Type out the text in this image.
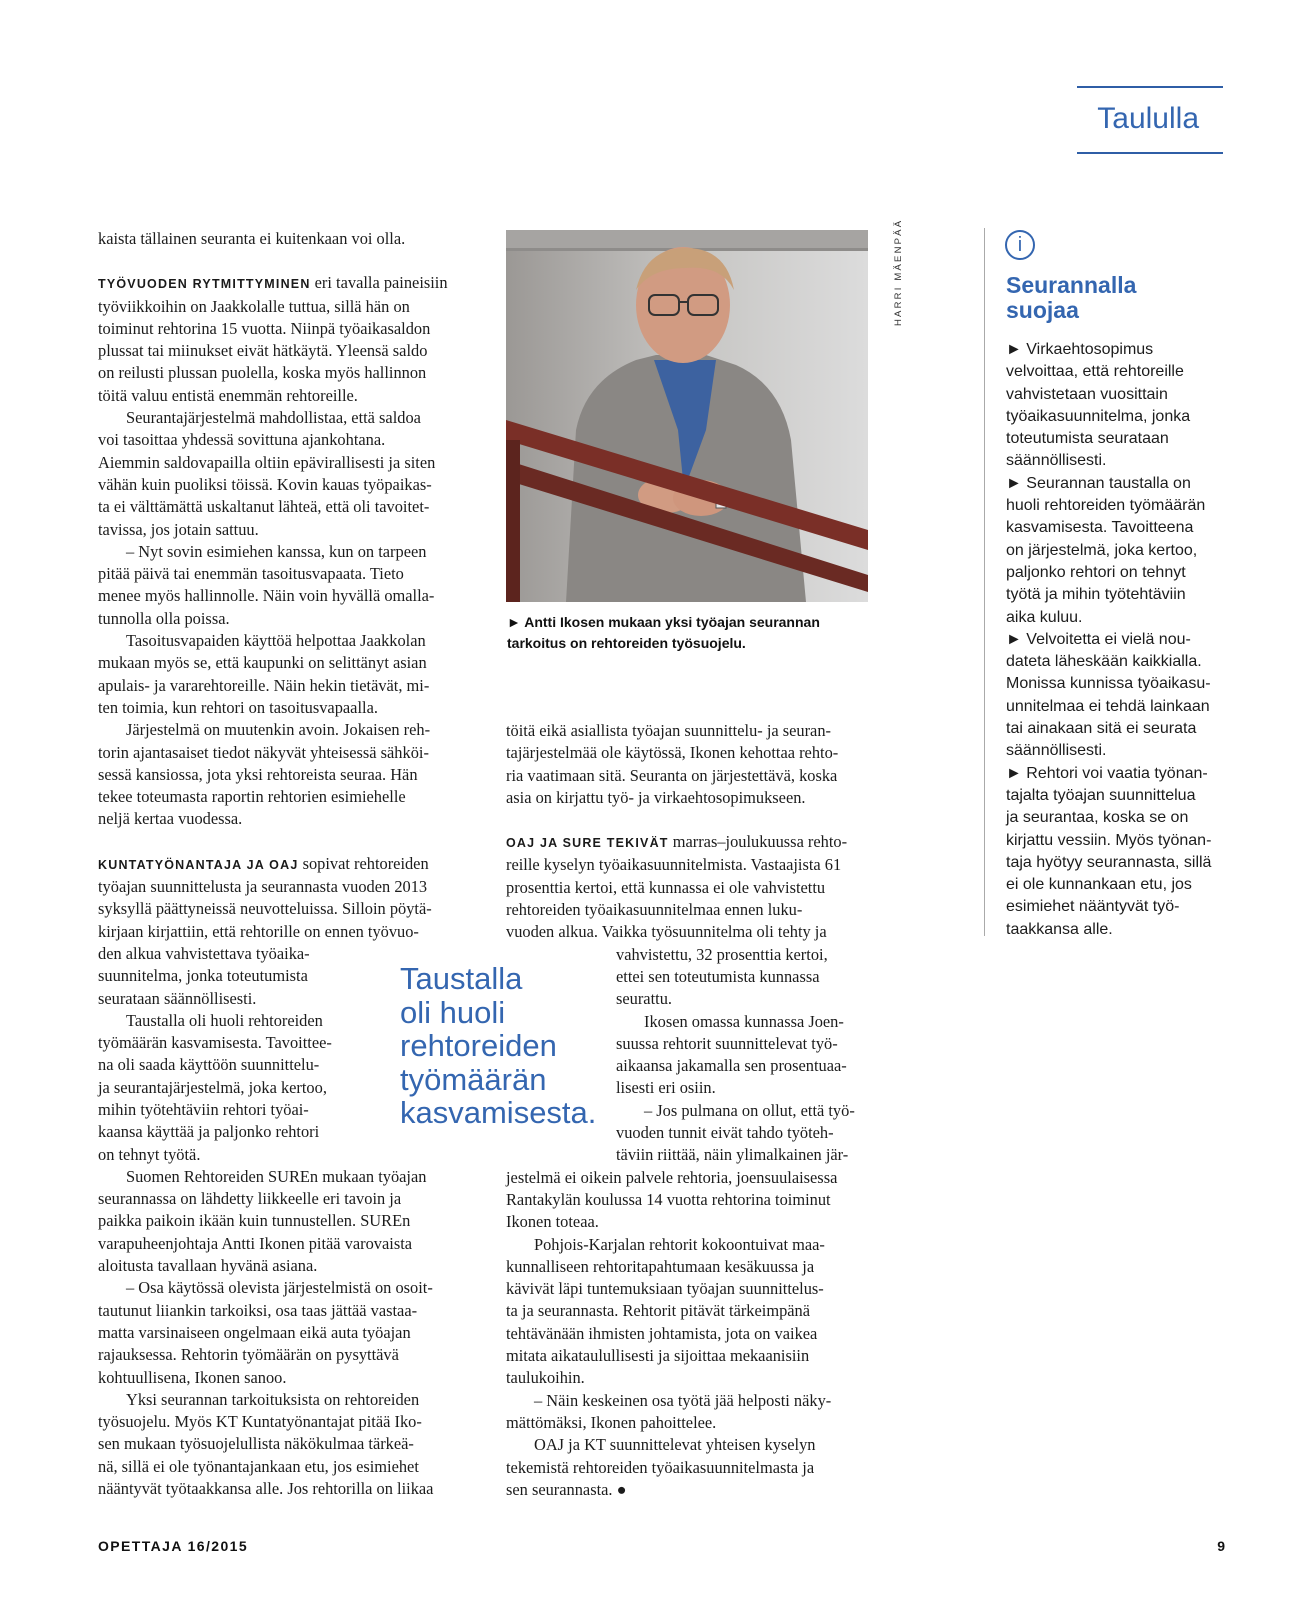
Taululla

kaista tällainen seuranta ei kuitenkaan voi olla.

TYÖVUODEN RYTMITTYMINEN eri tavalla paineisiin

työviikkoihin on Jaakkolalle tuttua, sillä hän on

toiminut rehtorina 15 vuotta. Niinpä työaikasaldon

plussat tai miinukset eivät hätkäytä. Yleensä saldo

on reilusti plussan puolella, koska myös hallinnon

töitä valuu entistä enemmän rehtoreille.

Seurantajärjestelmä mahdollistaa, että saldoa

voi tasoittaa yhdessä sovittuna ajankohtana.

Aiemmin saldovapailla oltiin epävirallisesti ja siten

vähän kuin puoliksi töissä. Kovin kauas työpaikas-

ta ei välttämättä uskaltanut lähteä, että oli tavoitet-

tavissa, jos jotain sattuu.

– Nyt sovin esimiehen kanssa, kun on tarpeen

pitää päivä tai enemmän tasoitusvapaata. Tieto

menee myös hallinnolle. Näin voin hyvällä omalla-

tunnolla olla poissa.

Tasoitusvapaiden käyttöä helpottaa Jaakkolan

mukaan myös se, että kaupunki on selittänyt asian

apulais- ja vararehtoreille. Näin hekin tietävät, mi-

ten toimia, kun rehtori on tasoitusvapaalla.

Järjestelmä on muutenkin avoin. Jokaisen reh-

torin ajantasaiset tiedot näkyvät yhteisessä sähköi-

sessä kansiossa, jota yksi rehtoreista seuraa. Hän

tekee toteumasta raportin rehtorien esimiehelle

neljä kertaa vuodessa.

KUNTATYÖNANTAJA JA OAJ sopivat rehtoreiden

työajan suunnittelusta ja seurannasta vuoden 2013

syksyllä päättyneissä neuvotteluissa. Silloin pöytä-

kirjaan kirjattiin, että rehtorille on ennen työvuo-

den alkua vahvistettava työaika-

suunnitelma, jonka toteutumista

seurataan säännöllisesti.

Taustalla oli huoli rehtoreiden

työmäärän kasvamisesta. Tavoittee-

na oli saada käyttöön suunnittelu-

ja seurantajärjestelmä, joka kertoo,

mihin työtehtäviin rehtori työai-

kaansa käyttää ja paljonko rehtori

on tehnyt työtä.

Suomen Rehtoreiden SUREn mukaan työajan

seurannassa on lähdetty liikkeelle eri tavoin ja

paikka paikoin ikään kuin tunnustellen. SUREn

varapuheenjohtaja Antti Ikonen pitää varovaista

aloitusta tavallaan hyvänä asiana.

– Osa käytössä olevista järjestelmistä on osoit-

tautunut liiankin tarkoiksi, osa taas jättää vastaa-

matta varsinaiseen ongelmaan eikä auta työajan

rajauksessa. Rehtorin työmäärän on pysyttävä

kohtuullisena, Ikonen sanoo.

Yksi seurannan tarkoituksista on rehtoreiden

työsuojelu. Myös KT Kuntatyönantajat pitää Iko-

sen mukaan työsuojelullista näkökulmaa tärkeä-

nä, sillä ei ole työnantajankaan etu, jos esimiehet

nääntyvät työtaakkansa alle. Jos rehtorilla on liikaa

Taustalla
oli huoli
rehtoreiden
työmäärän
kasvamisesta.
HARRI MÄENPÄÄ
► Antti Ikosen mukaan yksi työajan seurannan
tarkoitus on rehtoreiden työsuojelu.

töitä eikä asiallista työajan suunnittelu- ja seuran-

tajärjestelmää ole käytössä, Ikonen kehottaa rehto-

ria vaatimaan sitä. Seuranta on järjestettävä, koska

asia on kirjattu työ- ja virkaehtosopimukseen.

OAJ JA SURE TEKIVÄT marras–joulukuussa rehto-

reille kyselyn työaikasuunnitelmista. Vastaajista 61

prosenttia kertoi, että kunnassa ei ole vahvistettu

rehtoreiden työaikasuunnitelmaa ennen luku-

vuoden alkua. Vaikka työsuunnitelma oli tehty ja

vahvistettu, 32 prosenttia kertoi,

ettei sen toteutumista kunnassa

seurattu.

Ikosen omassa kunnassa Joen-

suussa rehtorit suunnittelevat työ-

aikaansa jakamalla sen prosentuaa-

lisesti eri osiin.

– Jos pulmana on ollut, että työ-

vuoden tunnit eivät tahdo työteh-

täviin riittää, näin ylimalkainen jär-

jestelmä ei oikein palvele rehtoria, joensuulaisessa

Rantakylän koulussa 14 vuotta rehtorina toiminut

Ikonen toteaa.

Pohjois-Karjalan rehtorit kokoontuivat maa-

kunnalliseen rehtoritapahtumaan kesäkuussa ja

kävivät läpi tuntemuksiaan työajan suunnittelus-

ta ja seurannasta. Rehtorit pitävät tärkeimpänä

tehtävänään ihmisten johtamista, jota on vaikea

mitata aikataulullisesti ja sijoittaa mekaanisiin

taulukoihin.

– Näin keskeinen osa työtä jää helposti näky-

mättömäksi, Ikonen pahoittelee.

OAJ ja KT suunnittelevat yhteisen kyselyn

tekemistä rehtoreiden työaikasuunnitelmasta ja

sen seurannasta. ●

i
Seurannalla
suojaa

► Virkaehtosopimus

velvoittaa, että rehtoreille

vahvistetaan vuosittain

työaikasuunnitelma, jonka

toteutumista seurataan

säännöllisesti.

► Seurannan taustalla on

huoli rehtoreiden työmäärän

kasvamisesta. Tavoitteena

on järjestelmä, joka kertoo,

paljonko rehtori on tehnyt

työtä ja mihin työtehtäviin

aika kuluu.

► Velvoitetta ei vielä nou-

dateta läheskään kaikkialla.

Monissa kunnissa työaikasu-

unnitelmaa ei tehdä lainkaan

tai ainakaan sitä ei seurata

säännöllisesti.

► Rehtori voi vaatia työnan-

tajalta työajan suunnittelua

ja seurantaa, koska se on

kirjattu vessiin. Myös työnan-

taja hyötyy seurannasta, sillä

ei ole kunnankaan etu, jos

esimiehet nääntyvät työ-

taakkansa alle.

OPETTAJA 16/2015	9
